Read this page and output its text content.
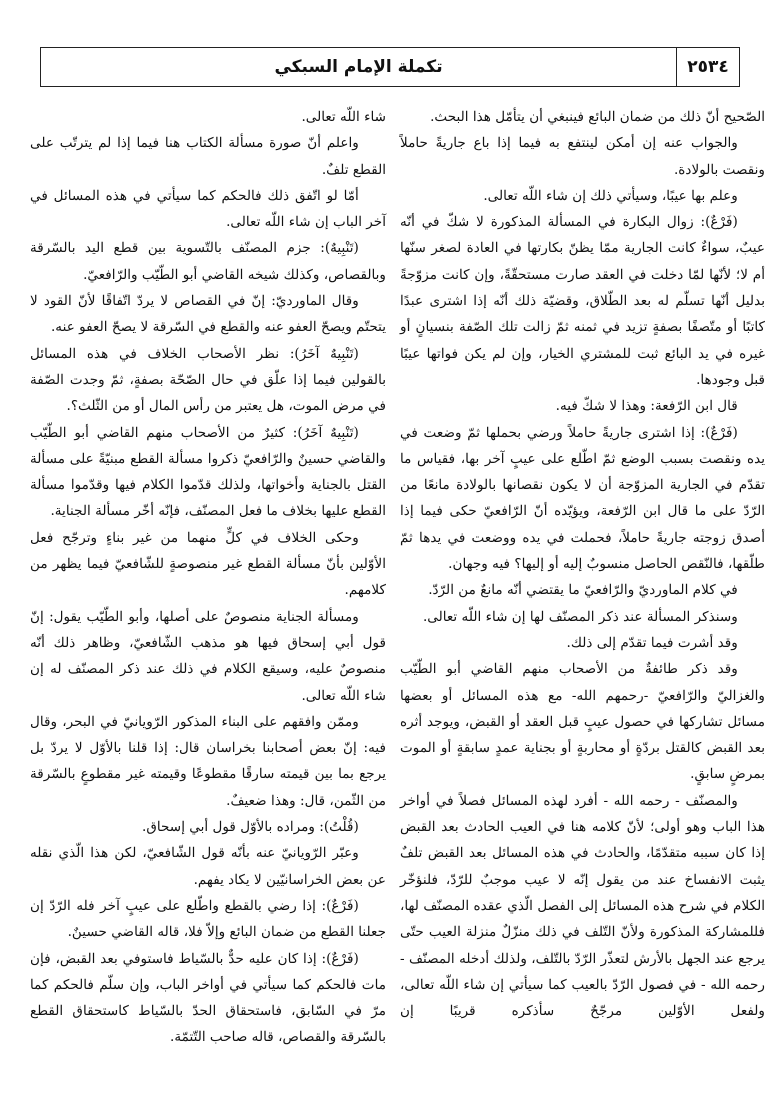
٢٥٣٤
تكملة الإمام السبكي

الصّحيح أنّ ذلك من ضمان البائع فينبغي أن يتأمّل هذا البحث.

والجواب عنه إن أمكن لينتفع به فيما إذا باع جاريةً حاملاً ونقصت بالولادة.

وعلم بها عيبًا، وسيأتي ذلك إن شاء اللّه تعالى.

(فَرْعٌ): زوال البكارة في المسألة المذكورة لا شكّ في أنّه عيبٌ، سواءٌ كانت الجارية ممّا يظنّ بكارتها في العادة لصغر سنّها أم لا؛ لأنّها لمّا دخلت في العقد صارت مستحقّةً، وإن كانت مزوّجةً بدليل أنّها تسلّم له بعد الطّلاق، وقضيّة ذلك أنّه إذا اشترى عبدًا كاتبًا أو متّصفًا بصفةٍ تزيد في ثمنه ثمّ زالت تلك الصّفة بنسيانٍ أو غيره في يد البائع ثبت للمشتري الخيار، وإن لم يكن فواتها عيبًا قبل وجودها.

قال ابن الرّفعة: وهذا لا شكّ فيه.

(فَرْعٌ): إذا اشترى جاريةً حاملاً ورضي بحملها ثمّ وضعت في يده ونقصت بسبب الوضع ثمّ اطّلع على عيبٍ آخر بها، فقياس ما تقدّم في الجارية المزوّجة أن لا يكون نقصانها بالولادة مانعًا من الرّدّ على ما قال ابن الرّفعة، ويؤيّده أنّ الرّافعيّ حكى فيما إذا أصدق زوجته جاريةً حاملاً، فحملت في يده ووضعت في يدها ثمّ طلّقها، فالنّقص الحاصل منسوبٌ إليه أو إليها؟ فيه وجهان.

في كلام الماورديّ والرّافعيّ ما يقتضي أنّه مانعٌ من الرّدّ.

وسنذكر المسألة عند ذكر المصنّف لها إن شاء اللّه تعالى.

وقد أشرت فيما تقدّم إلى ذلك.

وقد ذكر طائفةٌ من الأصحاب منهم القاضي أبو الطّيّب والغزاليّ والرّافعيّ -رحمهم الله- مع هذه المسائل أو بعضها مسائل تشاركها في حصول عيبٍ قبل العقد أو القبض، ويوجد أثره بعد القبض كالقتل بردّةٍ أو محاربةٍ أو بجناية عمدٍ سابقةٍ أو الموت بمرضٍ سابقٍ.

والمصنّف - رحمه الله - أفرد لهذه المسائل فصلاً في أواخر هذا الباب وهو أولى؛ لأنّ كلامه هنا في العيب الحادث بعد القبض إذا كان سببه متقدّمًا، والحادث في هذه المسائل بعد القبض تلفٌ يثبت الانفساخ عند من يقول إنّه لا عيب موجبٌ للرّدّ، فلنؤخّر الكلام في شرح هذه المسائل إلى الفصل الّذي عقده المصنّف لها، فللمشاركة المذكورة ولأنّ التّلف في ذلك منزّلٌ منزلة العيب حتّى يرجع عند الجهل بالأرش لتعذّر الرّدّ بالتّلف، ولذلك أدخله المصنّف - رحمه الله - في فصول الرّدّ بالعيب كما سيأتي إن شاء اللّه تعالى، ولفعل الأوّلين مرجّحٌ سأذكره قريبًا إن

شاء اللّه تعالى.

واعلم أنّ صورة مسألة الكتاب هنا فيما إذا لم يترتّب على القطع تلفٌ.

أمّا لو اتّفق ذلك فالحكم كما سيأتي في هذه المسائل في آخر الباب إن شاء اللّه تعالى.

(تَنْبِيهٌ): جزم المصنّف بالتّسوية بين قطع اليد بالسّرقة وبالقصاص، وكذلك شيخه القاضي أبو الطّيّب والرّافعيّ.

وقال الماورديّ: إنّ في القصاص لا يردّ اتّفاقًا لأنّ القود لا يتحتّم ويصحّ العفو عنه والقطع في السّرقة لا يصحّ العفو عنه.

(تَنْبِيهٌ آخَرُ): نظر الأصحاب الخلاف في هذه المسائل بالقولين فيما إذا علّق في حال الصّحّة بصفةٍ، ثمّ وجدت الصّفة في مرض الموت، هل يعتبر من رأس المال أو من الثّلث؟.

(تَنْبِيهٌ آخَرُ): كثيرٌ من الأصحاب منهم القاضي أبو الطّيّب والقاضي حسينٌ والرّافعيّ ذكروا مسألة القطع مبنيّةً على مسألة القتل بالجناية وأخواتها، ولذلك قدّموا الكلام فيها وقدّموا مسألة القطع عليها بخلاف ما فعل المصنّف، فإنّه أخّر مسألة الجناية.

وحكى الخلاف في كلٍّ منهما من غير بناءٍ وترجّح فعل الأوّلين بأنّ مسألة القطع غير منصوصةٍ للشّافعيّ فيما يظهر من كلامهم.

ومسألة الجناية منصوصٌ على أصلها، وأبو الطّيّب يقول: إنّ قول أبي إسحاق فيها هو مذهب الشّافعيّ، وظاهر ذلك أنّه منصوصٌ عليه، وسيقع الكلام في ذلك عند ذكر المصنّف له إن شاء اللّه تعالى.

وممّن وافقهم على البناء المذكور الرّويانيّ في البحر، وقال فيه: إنّ بعض أصحابنا بخراسان قال: إذا قلنا بالأوّل لا يردّ بل يرجع بما بين قيمته سارقًا مقطوعًا وقيمته غير مقطوعٍ بالسّرقة من الثّمن، قال: وهذا ضعيفٌ.

(قُلْتُ): ومراده بالأوّل قول أبي إسحاق.

وعبّر الرّويانيّ عنه بأنّه قول الشّافعيّ، لكن هذا الّذي نقله عن بعض الخراسانيّين لا يكاد يفهم.

(فَرْعٌ): إذا رضي بالقطع واطّلع على عيبٍ آخر فله الرّدّ إن جعلنا القطع من ضمان البائع وإلاّ فلا، قاله القاضي حسينٌ.

(فَرْعٌ): إذا كان عليه حدٌّ بالسّياط فاستوفي بعد القبض، فإن مات فالحكم كما سيأتي في أواخر الباب، وإن سلّم فالحكم كما مرّ في السّابق، فاستحقاق الحدّ بالسّياط كاستحقاق القطع بالسّرقة والقصاص، قاله صاحب التّتمّة.
